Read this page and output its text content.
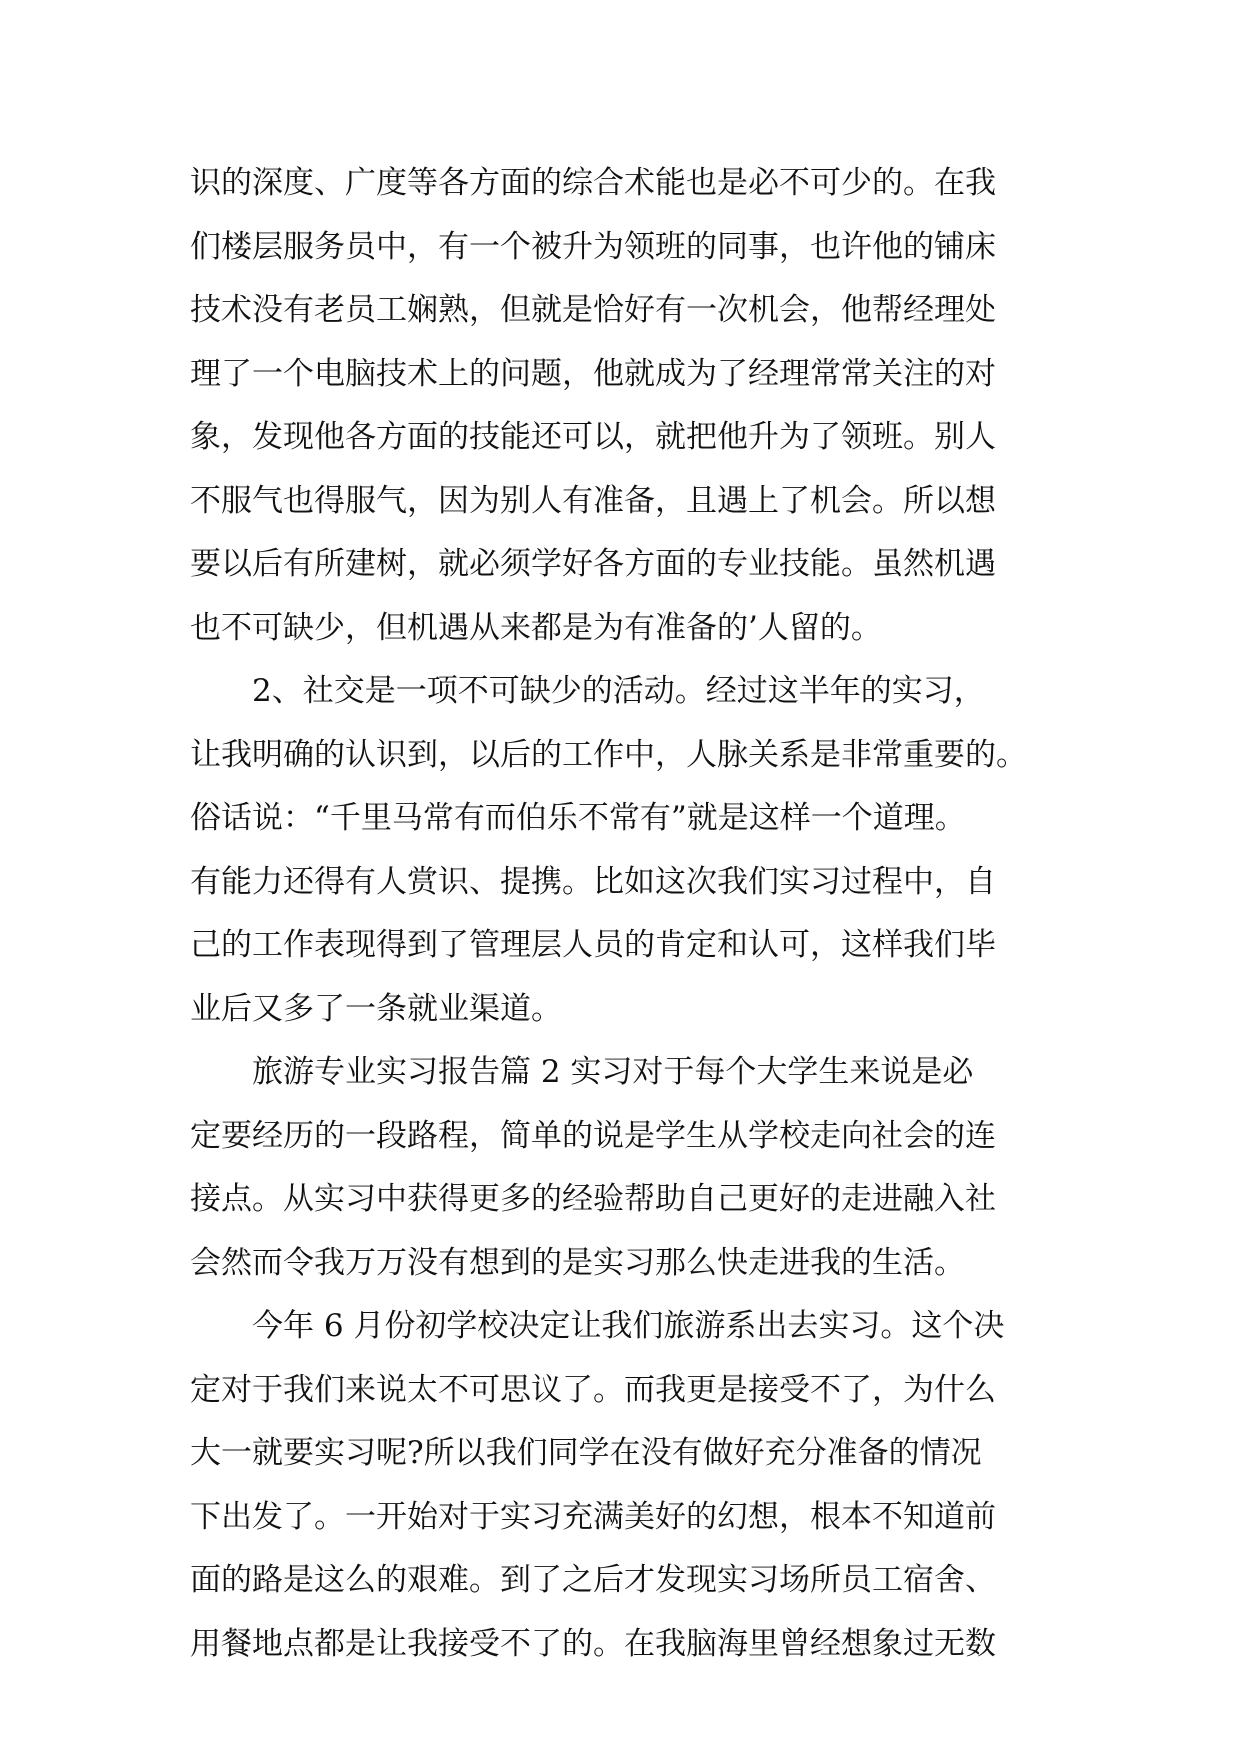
识的深度、广度等各方面的综合术能也是必不可少的。在我
们楼层服务员中，有一个被升为领班的同事，也许他的铺床
技术没有老员工娴熟，但就是恰好有一次机会，他帮经理处
理了一个电脑技术上的问题，他就成为了经理常常关注的对
象，发现他各方面的技能还可以，就把他升为了领班。别人
不服气也得服气，因为别人有准备，且遇上了机会。所以想
要以后有所建树，就必须学好各方面的专业技能。虽然机遇
也不可缺少，但机遇从来都是为有准备的’人留的。
2、社交是一项不可缺少的活动。经过这半年的实习，
让我明确的认识到，以后的工作中，人脉关系是非常重要的。
俗话说：“千里马常有而伯乐不常有”就是这样一个道理。
有能力还得有人赏识、提携。比如这次我们实习过程中，自
己的工作表现得到了管理层人员的肯定和认可，这样我们毕
业后又多了一条就业渠道。
旅游专业实习报告篇 2 实习对于每个大学生来说是必
定要经历的一段路程，简单的说是学生从学校走向社会的连
接点。从实习中获得更多的经验帮助自己更好的走进融入社
会然而令我万万没有想到的是实习那么快走进我的生活。
今年 6 月份初学校决定让我们旅游系出去实习。这个决
定对于我们来说太不可思议了。而我更是接受不了，为什么
大一就要实习呢?所以我们同学在没有做好充分准备的情况
下出发了。一开始对于实习充满美好的幻想，根本不知道前
面的路是这么的艰难。到了之后才发现实习场所员工宿舍、
用餐地点都是让我接受不了的。在我脑海里曾经想象过无数
